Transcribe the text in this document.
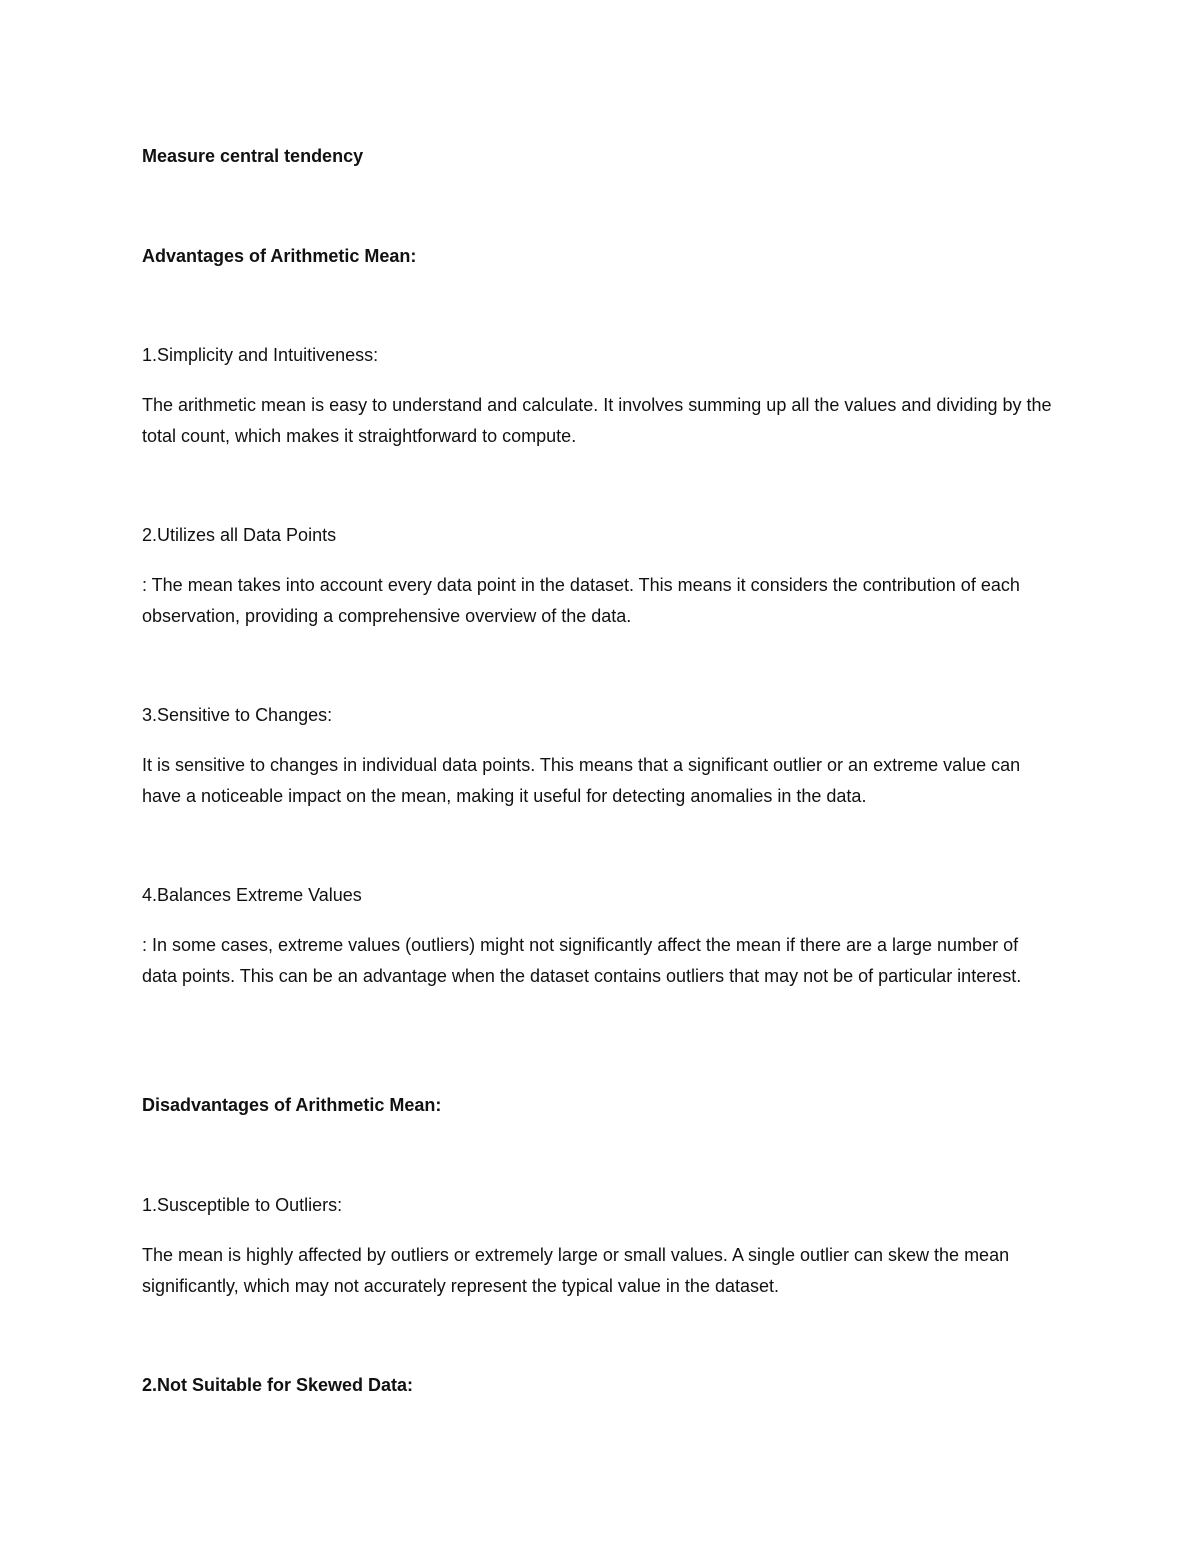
Measure central tendency
Advantages of Arithmetic Mean:
1.Simplicity and Intuitiveness:
The arithmetic mean is easy to understand and calculate. It involves summing up all the values and dividing by the total count, which makes it straightforward to compute.
2.Utilizes all Data Points
: The mean takes into account every data point in the dataset. This means it considers the contribution of each observation, providing a comprehensive overview of the data.
3.Sensitive to Changes:
It is sensitive to changes in individual data points. This means that a significant outlier or an extreme value can have a noticeable impact on the mean, making it useful for detecting anomalies in the data.
4.Balances Extreme Values
: In some cases, extreme values (outliers) might not significantly affect the mean if there are a large number of data points. This can be an advantage when the dataset contains outliers that may not be of particular interest.
Disadvantages of Arithmetic Mean:
1.Susceptible to Outliers:
The mean is highly affected by outliers or extremely large or small values. A single outlier can skew the mean significantly, which may not accurately represent the typical value in the dataset.
2.Not Suitable for Skewed Data:
